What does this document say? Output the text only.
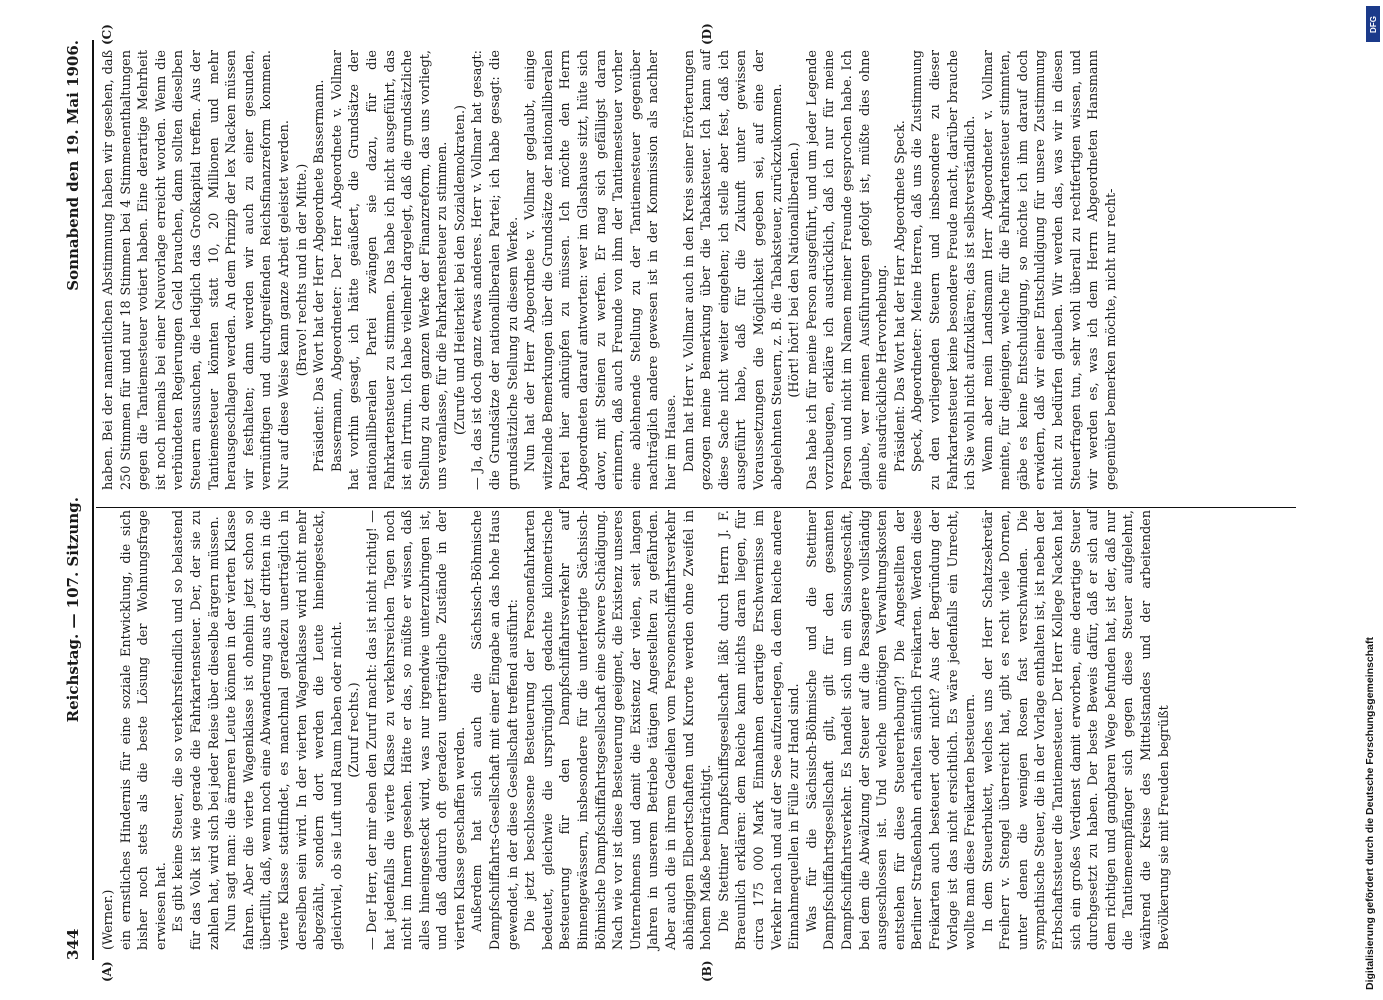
344
Reichstag. — 107. Sitzung.
Sonnabend den 19. Mai 1906.
(A)	(B)
(C)	(D)

(Werner.) ein ernstliches Hindernis für eine soziale Entwicklung, die sich bisher noch stets als die beste Lösung der Wohnungsfrage erwiesen hat. Es gibt keine Steuer, die so verkehrsfeindlich und so belastend für das Volk ist wie gerade die Fahrkartensteuer. Der, der sie zu zahlen hat, wird sich bei jeder Reise über dieselbe ärgern müssen. Nun sagt man: die ärmeren Leute können in der vierten Klasse fahren. Aber die vierte Wagenklasse ist ohnehin jetzt schon so überfüllt, daß, wenn noch eine Abwanderung aus der dritten in die vierte Klasse stattfindet, es manchmal geradezu unerträglich in derselben sein wird. In der vierten Wagenklasse wird nicht mehr abgezählt, sondern dort werden die Leute hineingesteckt, gleichviel, ob sie Luft und Raum haben oder nicht. (Zuruf rechts.) — Der Herr, der mir eben den Zuruf macht: das ist nicht richtig! — hat jedenfalls die vierte Klasse zu verkehrsreichen Tagen noch nicht im Innern gesehen. Hätte er das, so müßte er wissen, daß alles hineingesteckt wird, was nur irgendwie unterzubringen ist, und daß dadurch oft geradezu unerträgliche Zustände in der vierten Klasse geschaffen werden. Außerdem hat sich auch die Sächsisch-Böhmische Dampfschiffahrts-Gesellschaft mit einer Eingabe an das hohe Haus gewendet, in der diese Gesellschaft treffend ausführt: Die jetzt beschlossene Besteuerung der Personenfahrkarten bedeutet, gleichwie die ursprünglich gedachte kilometrische Besteuerung für den Dampfschiffahrtsverkehr auf Binnengewässern, insbesondere für die unterfertigte Sächsisch-Böhmische Dampfschiffahrtsgesellschaft eine schwere Schädigung. Nach wie vor ist diese Besteuerung geeignet, die Existenz unseres Unternehmens und damit die Existenz der vielen, seit langen Jahren in unserem Betriebe tätigen Angestellten zu gefährden. Aber auch die in ihrem Gedeihen vom Personenschiffahrtsverkehr abhängigen Elbeortschaften und Kurorte werden ohne Zweifel in hohem Maße beeinträchtigt. Die Stettiner Dampfschiffsgesellschaft läßt durch Herrn J. F. Braeunlich erklären: dem Reiche kann nichts daran liegen, für circa 175 000 Mark Einnahmen derartige Erschwernisse im Verkehr nach und auf der See aufzuerlegen, da dem Reiche andere Einnahmequellen in Fülle zur Hand sind. Was für die Sächsisch-Böhmische und die Stettiner Dampfschiffahrtsgesellschaft gilt, gilt für den gesamten Dampfschiffahrtsverkehr. Es handelt sich um ein Saisongeschäft, bei dem die Abwälzung der Steuer auf die Passagiere vollständig ausgeschlossen ist. Und welche unnötigen Verwaltungskosten entstehen für diese Steuererhebung?! Die Angestellten der Berliner Straßenbahn erhalten sämtlich Freikarten. Werden diese Freikarten auch besteuert oder nicht? Aus der Begründung der Vorlage ist das nicht ersichtlich. Es wäre jedenfalls ein Unrecht, wollte man diese Freikarten besteuern. In dem Steuerbukett, welches uns der Herr Schatzsekretär Freiherr v. Stengel überreicht hat, gibt es recht viele Dornen, unter denen die wenigen Rosen fast verschwinden. Die sympathische Steuer, die in der Vorlage enthalten ist, ist neben der Erbschaftssteuer die Tantiemesteuer. Der Herr Kollege Nacken hat sich ein großes Verdienst damit erworben, eine derartige Steuer durchgesetzt zu haben. Der beste Beweis dafür, daß er sich auf dem richtigen und gangbaren Wege befunden hat, ist der, daß nur die Tantiemeempfänger sich gegen diese Steuer aufgelehnt, während die Kreise des Mittelstandes und der arbeitenden Bevölkerung sie mit Freuden begrüßt

haben. Bei der namentlichen Abstimmung haben wir gesehen, daß 250 Stimmen für und nur 18 Stimmen bei 4 Stimmenenthaltungen gegen die Tantiemesteuer votiert haben. Eine derartige Mehrheit ist noch niemals bei einer Neuvorlage erreicht worden. Wenn die verbündeten Regierungen Geld brauchen, dann sollten dieselben Steuern aussuchen, die lediglich das Großkapital treffen. Aus der Tantiemesteuer könnten statt 10, 20 Millionen und mehr herausgeschlagen werden. An dem Prinzip der lex Nacken müssen wir festhalten; dann werden wir auch zu einer gesunden, vernünftigen und durchgreifenden Reichsfinanzreform kommen. Nur auf diese Weise kann ganze Arbeit geleistet werden. (Bravo! rechts und in der Mitte.) Präsident: Das Wort hat der Herr Abgeordnete Bassermann. Bassermann, Abgeordneter: Der Herr Abgeordnete v. Vollmar hat vorhin gesagt, ich hätte geäußert, die Grundsätze der nationalliberalen Partei zwängen sie dazu, für die Fahrkartensteuer zu stimmen. Das habe ich nicht ausgeführt, das ist ein Irrtum. Ich habe vielmehr dargelegt, daß die grundsätzliche Stellung zu dem ganzen Werke der Finanzreform, das uns vorliegt, uns veranlasse, für die Fahrkartensteuer zu stimmen. (Zurufe und Heiterkeit bei den Sozialdemokraten.) — Ja, das ist doch ganz etwas anderes. Herr v. Vollmar hat gesagt: die Grundsätze der nationalliberalen Partei; ich habe gesagt: die grundsätzliche Stellung zu diesem Werke. Nun hat der Herr Abgeordnete v. Vollmar geglaubt, einige witzelnde Bemerkungen über die Grundsätze der nationalliberalen Partei hier anknüpfen zu müssen. Ich möchte den Herrn Abgeordneten darauf antworten: wer im Glashause sitzt, hüte sich davor, mit Steinen zu werfen. Er mag sich gefälligst daran erinnern, daß auch Freunde von ihm der Tantiemesteuer vorher eine ablehnende Stellung zu der Tantiemesteuer gegenüber nachträglich andere gewesen ist in der Kommission als nachher hier im Hause. Dann hat Herr v. Vollmar auch in den Kreis seiner Erörterungen gezogen meine Bemerkung über die Tabaksteuer. Ich kann auf diese Sache nicht weiter eingehen; ich stelle aber fest, daß ich ausgeführt habe, daß für die Zukunft unter gewissen Voraussetzungen die Möglichkeit gegeben sei, auf eine der abgelehnten Steuern, z. B. die Tabaksteuer, zurückzukommen. (Hört! hört! bei den Nationalliberalen.) Das habe ich für meine Person ausgeführt, und um jeder Legende vorzubeugen, erkläre ich ausdrücklich, daß ich nur für meine Person und nicht im Namen meiner Freunde gesprochen habe. Ich glaube, wer meinen Ausführungen gefolgt ist, müßte dies ohne eine ausdrückliche Hervorhebung. Präsident: Das Wort hat der Herr Abgeordnete Speck. Speck, Abgeordneter: Meine Herren, daß uns die Zustimmung zu den vorliegenden Steuern und insbesondere zu dieser Fahrkartensteuer keine besondere Freude macht, darüber brauche ich Sie wohl nicht aufzuklären; das ist selbstverständlich. Wenn aber mein Landsmann Herr Abgeordneter v. Vollmar meinte, für diejenigen, welche für die Fahrkartensteuer stimmten, gäbe es keine Entschuldigung, so möchte ich ihm darauf doch erwidern, daß wir einer Entschuldigung für unsere Zustimmung nicht zu bedürfen glauben. Wir werden das, was wir in diesen Steuerfragen tun, sehr wohl überall zu rechtfertigen wissen, und wir werden es, was ich dem Herrn Abgeordneten Hansmann gegenüber bemerken möchte, nicht nur recht-

DFG
Digitalisierung gefördert durch die Deutsche Forschungsgemeinschaft
